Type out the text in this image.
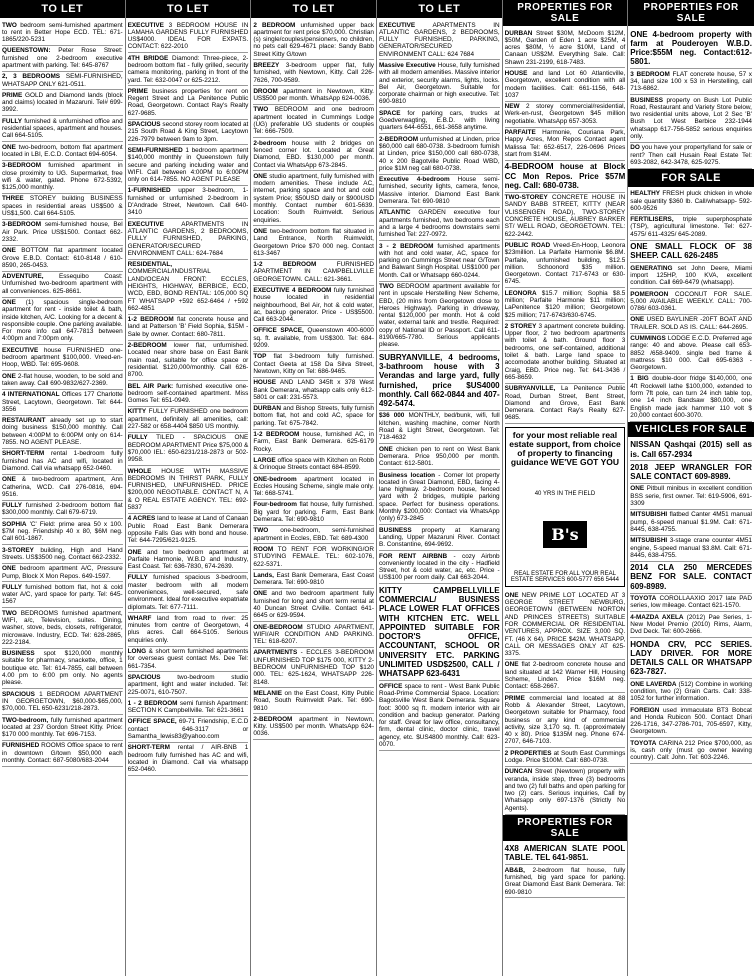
TO LET
TWO bedroom semi-furnished apartment to rent in Better Hope ECD. TEL: 671-1865/220-5231
QUEENSTOWN: Peter Rose Street: furnished one 2-bedroom executive apartment with parking. Tel: 645-8767
2, 3 BEDROOMS SEMI-FURNISHED, WHATSAPP ONLY 621-0511.
PRIME GOLD and Diamond lands (block and claims) located in Mazaruni. Tel# 699-3992.
FULLY furnished & unfurnished office and residential spaces, apartment and houses. Call 664-5105.
ONE two-bedroom, bottom flat apartment located in LBI, E.C.D. Contact 694-6054.
3-BEDROOM furnished apartment in close proximity to UG. Supermarket, free wifi & water, gated. Phone 672-5392, $125,000 monthly.
THREE STOREY building BUSINESS spaces in residential areas US$500 & US$1,500. Call 664-5105.
3-BEDROOM semi-furnished house, Bel Air Park. Price US$1500. Contact 662-2332.
ONE BOTTOM flat apartment located Grove E.B.D. Contact: 610-8148 / 610-8590, 265-0453.
ADVENTURE, Essequibo Coast: Unfurnished two-bedroom apartment with all conveniences. 625-8661.
ONE (1) spacious single-bedroom apartment for rent - inside toilet & bath, inside kitchen, A/C. Looking for a decent & responsible couple. One parking available. For more info call 647-7813 between 4:00pm and 7:00pm only.
EXECUTIVE house FURNISHED one-bedroom apartment $100,000. Vreed-en-Hoop, WBD. Tel: 695-9608.
ONE 2-flat house, wooden, to be sold and taken away. Call 690-9832/627-2369.
4 INTERNATIONAL Offices 177 Charlotte Street, Lacytown, Georgetown. Tel: 644-3556
RESTAURANT already set up to start doing business $150,000 monthly. Call between 4:00PM to 6:00PM only on 614-7855. NO AGENT PLEASE.
SHORT-TERM rental 1-bedroom fully furnished has AC and wifi, located in Diamond. Call via whatsapp 652-0460.
ONE & two-bedroom apartment, Ann Catherina, WCD. Call 276-0816, 694-9516.
FULLY furnished 2-bedroom bottom flat $300,000 monthly. Call 679-6719.
SOPHIA 'C' Field: prime area 50 x 100. $7M neg. Friendship 40 x 80, $6M neg. Call 601-1867.
3-STOREY building, High and Hand Streets. US$3500 neg. Contact 662-2332.
ONE bedroom apartment A/C, Pressure Pump, Block X Mon Repos. 649-1597.
FULLY furnished bottom flat, hot & cold water A/C, yard space for party. Tel: 645-1567
TWO BEDROOMS furnished apartment, WIFI, a/c, Television, suites. Dining, washer, stove, beds, closets, refrigerator, microwave. Industry, ECD. Tel: 628-2865, 222-2184.
BUSINESS spot $120,000 monthly suitable for pharmacy, snackette, office, 1 boutique etc. Tel: 614-7855, call between 4.00 pm to 6:00 pm only. No agents please.
SPACIOUS 1 BEDROOM APARTMENT IN GEORGETOWN, $60,000-$65,000, $70,000. TEL 650-6231/218-2873.
TWO-bedroom, fully furnished apartment located at 237 Gordon Street Kitty. Price: $170 000 monthly. Tel: 696-7153.
FURNISHED ROOMS Office space to rent in downtown G/town $50,000 each monthly. Contact: 687-5080/683-2044
TO LET
EXECUTIVE 3 BEDROOM HOUSE IN LAMAHA GARDENS FULLY FURNISHED US$4000. IDEAL FOR EXPATS. CONTACT: 622-2010
4TH BRIDGE Diamond: Three-piece, 2-bedroom bottom flat - fully grilled, security camera monitoring, parking in front of the yard. Tel: 632-0047 or 625-2212.
PRIME business properties for rent on Regent Street and La Penitence Public Road, Georgetown. Contact Ray's Realty 627-9685.
SPACIOUS second storey room located at 215 South Road & King Street, Lacytown 226-7979 between 9am to 3pm.
SEMI-FURNISHED 1 bedroom apartment $140,000 monthly in Queenstown fully secure and parking including water and WIFI. Call between 4:00PM to 6:00PM only on 614-7855. NO AGENT PLEASE
1-FURNISHED upper 3-bedroom, 1-furnished or unfurnished 2-bedroom in D'Andrade Street, Newtown. Call 640-3410
EXECUTIVE	APARTMENTS IN ATLANTIC GARDENS, 2 BEDROOMS, FULLY FURNISHED, PARKING, GENERATOR/SECURED ENVIRONMENT CALL: 624-7684
RESIDENTIAL, COMMERCIAL/INDUSTRIAL LAND/OCEAN FRONT: ECCLES, HEIGHTS, HIGHWAY, BERBICE, ECD, WCD, EBD, BOND RENTAL: 105,000 SQ FT WHATSAPP +592 652-6464 / +592 662-4851
1-2 BEDROOM flat concrete house and land at Patterson 'B' Field Sophia, $15M - Sale by owner. Contact: 680-7811.
2-BEDROOM lower flat, unfurnished. Located near shore base on East Bank main road, suitable for office space or residential. $120,000/monthly. Call 626-8700.
BEL AIR Park: furnished executive one-bedroom self-contained apartment. Miss Gomes Tel: 651-0949.
KITTY FULLY FURNISHED one bedroom apartment, definitely all amenities, call: 227-582 or 658-4404 $850 US monthly.
FULLY TILED - SPACIOUS ONE BEDROOM APARTMENT Price $75,000 & $70,000 IEL: 650-6231/218-2873 or 502-9958.
WHOLE HOUSE WITH MASSIVE BEDROOMS IN THIRST PARK, FULLY FURNISHED, UNFURNISHED. PRICE $200,000 NEGOTIABLE. CONTACT N, A & O REAL ESTATE AGENCY. TEL: 692-5837
4 ACRES land to lease at Land of Canaan Public Road East Bank Demerara opposite Falls Gas with bond and house. Tel: 644-7295/621-9125.
ONE and two bedroom apartment at Parfaite Harmonie, W.B.D and Industry, East Coast. Tel: 636-7830, 674-2639.
FULLY furnished spacious 3-bedroom, master bedroom with all modern conveniences, well-secured, safe environment. Ideal for executive expatriate diplomats. Tel: 677-7111.
WHARF land from road to river: 25 minutes from centre of Georgetown, 4 plus acres. Call 664-5105. Serious enquiries only.
LONG & short term furnished apartments for overseas guest contact Ms. Dee Tel: 661-7354.
SPACIOUS	two-bedroom studio apartment, light and water included. Tel: 225-0071, 610-7507.
1 - 2 BEDROOM semi furnish Apartment: SECTION K Campbellville. Tel: 621-3661
OFFICE SPACE, 69-71 Friendship, E.C.D contact 646-3117 or Samantha_lewis83@yahoo.com
SHORT-TERM rental / AIR-BNB 1 bedroom fully furnished has AC and wifi, located in Diamond. Call via whatsapp 652-0460.
TO LET
2 BEDROOM unfurnished upper back apartment for rent price $70,000. Christian (s) single/couples/pensioners, no children, no pets call 629-4671 place: Sandy Babb Street Kitty G/town
BREEZY 3-bedroom upper flat, fully furnished, with Newtown, Kitty. Call 226-7626, 700-9589.
DROOM apartment in Newtown, Kitty. US$500 per month. WhatsApp 624-0036.
TWO BEDROOM and one bedroom apartment located in Cummings Lodge (UG) preferable UG students or couples Tel: 666-7509.
2-bedroom house with 2 bridges on fenced corner lot. Located at Great Diamond, EBD. $130,000 per month. Contact via WhatsApp 673-2845.
ONE studio apartment, fully furnished with modern amenities. These include AC, internet, parking space and hot and cold system Price; $50USD daily or $900USD monthly. Contact number 601-5639. Location: South Ruimveldt. Serious enquiries.
ONE two-bedroom bottom flat situated in Land Entrance, North Ruimveldt, Georgetown Price $70 000 neg. Contact 613-3467
1-2 BEDROOM	FURNISHED APARTMENT IN CAMPBELLVILLE GEORGETOWN. CALL: 621-3661.
EXECUTIVE 4 BEDROOM fully furnished house located in residential neighbourhood, Bel Air, hot & cold water, ac, backup generator. Price - US$5500. Call 663-2044.
OFFICE SPACE, Queenstown 400-6000 sq. ft. available, from US$300. Tel: 684-9209.
TOP flat 3-bedroom fully furnished. Contact Geeta at 158 Da Silva Street, Newtown, Kitty on Tel: 686-9465.
HOUSE AND LAND 345ft x 378 West Bank Demerara, whatsapp calls only 612-5801 or call: 231-5573.
DURBAN and Bishop Streets, fully furnish bottom flat, hot and cold AC, space for parking. Tel: 675-7842.
1-2 BEDROOM house, furnished AC, in Farm, East Bank Demerara. 625-6179 Rocky.
LARGE office space with Kitchen on Robb & Orinoque Streets contact 684-8599.
ONE-bedroom apartment located in Eccles Housing Scheme, single male only. Tel: 668-5741.
Four-bedroom flat house, fully furnished. Big yard for parking. Farm, East Bank Demerara. Tel: 690-9810
TWO one-bedroom, semi-furnished apartment in Eccles, EBD. Tel: 689-4300
ROOM TO RENT FOR WORKING/OR STUDYING FEMALE. TEL: 602-1076, 622-5371.
Lands, East Bank Demerara, East Coast Demerara. Tel: 690-9810
ONE and two bedroom apartment fully furnished for long and short term rental at 40 Duncan Street C/ville. Contact 641-6645 or 629-9594.
ONE-BEDROOM STUDIO APARTMENT, WIFI/AIR CONDITION AND PARKING. TEL: 618-6207.
APARTMENTS - ECCLES 3-BEDROOM UNFURNISHED TOP $175 000, KITTY 2-BEDROOM UNFURNISHED TOP $120 000. TEL: 625-1624, WHATSAPP 226-8148.
MELANIE on the East Coast, Kitty Public Road, South Ruimveldt Park. Tel: 690-9810
2-BEDROOM apartment in Newtown, Kitty. US$500 per month. WhatsApp 624-0036.
TO LET
EXECUTIVE	APARTMENTS IN ATLANTIC GARDENS, 2 BEDROOMS, FULLY FURNISHED, PARKING, GENERATOR/SECURED ENVIRONMENT CALL: 624 7684
Massive Executive House, fully furnished with all modern amenities. Massive interior and exterior, security alarms, lights, locks. Bel Air, Georgetown. Suitable for corporate chairman or high executive. Tel: 690-9810
SPACE for parking cars, trucks at Goedverwagting, E.B.D. with living quarters 644-6551, 661-3658 anytime.
2-BEDROOM unfurnished at Linden, price $60,000 call 680-0738. 3-bedroom furnish at Linden, price $150,000 call 680-0738, 40 x 200 Bagotville Public Road WBD, price $1M neg call 680-0738.
Executive 4-bedroom House semi-furnished, security lights, camera, fence, Massive interior. Diamond East Bank Demerara. Tel: 690-9810
ATLANTIC GARDEN executive four apartments furnished, two bedrooms each and a large 4 bedrooms downstairs semi furnished Tel: 227-0972.
3 - 2 BEDROOM furnished apartments with hot and cold water, AC, space for parking on Cummings Street near G/Town and Balwant Singh Hospital. US$1000 per Month. Call or Whatsapp 660-0244.
TWO BEDROOM apartment available for rent in upscale Herstelling New Scheme, EBD, (20 mins from Georgetown close to Heroes Highway). Parking in driveway, rental $120,000 per month. Hot & cold water, external tank and trestle. Required: copy of National ID or Passport. Call 611-8190/665-7780. Serious applicants please.
SUBRYANVILLE, 4 bedrooms, 3-bathroom house with 3 Verandas and large yard, fully furnished, price $US4000 monthly. Call 662-0844 and 407-492-5474.
$36 000 MONTHLY, bed/bunk, wifi, full kitchen, washing machine, corner North Road & Light Street, Georgetown. Tel: 718-4632
ONE chicken pen to rent on West Bank Demerara. Price 950,000 per month. Contact: 612-5801.
Business location - Corner lot property located in Great Diamond, EBD, facing 4-lane highway. 2-bedroom house, fenced yard with 2 bridges, multiple parking space. Perfect for business operations. Monthly $200,000: Contact via WhatsApp (only) 673-2845
BUSINESS property at Kamarang Landing, Upper Mazaruni River. Contact B. Constantine, 694-9692.
FOR RENT AIRBNB - cozy Airbnb conveniently located in the city - Hadfield Street, hot & cold water, ac, etc. Price - US$100 per room daily. Call 663-2044.
KITTY CAMPBELLVILLE COMMERCIAL/ BUSINESS PLACE LOWER FLAT OFFICES WITH KITCHEN ETC. WELL APPOINTED SUITABLE FOR DOCTOR'S OFFICE, ACCOUNTANT, SCHOOL OR UNIVERSITY ETC. PARKING UNLIMITED USD$2500, CALL / WHATSAPP 623-6431
OFFICE space to rent - West Bank Public Road-Prime Commercial Space. Location: Bagotsville West Bank Demerara. Square foot: 3000 sq ft. modern interior with air condition and backup generator. Parking for staff. Great for law office, consultancy, firm, dental clinic, doctor clinic, travel agency, etc. $US4800 monthly. Call: 623-0070.
PROPERTIES FOR SALE
DURBAN Street $30M, McDoom $12M, $50M, Garden of Eden 1 acre $25M, 4 acres $80M, ½ acre $10M, Land of Canaan US$2M. Everything Sale. Call: Shawn 231-2199, 618-7483.
HOUSE and land Lot 60 Atlanticville, Georgetown, excellent condition with all modern facilities. Call: 661-1156, 648-1037
NEW 2 storey commercial/residential, Werk-en-rust, Georgetown $45 million negotiable. WhatsApp 657-3053.
PARFAITE Harmonie, Couriana Park, Happy Acres, Mon Repos Contact agent Malissa Tel: 652-6517, 226-0696 Prices start from $14M.
4-BEDROOM house at Block CC Mon Repos. Price $57M neg. Call: 680-0738.
TWO-STOREY CONCRETE HOUSE IN SANDY BABB STREET, KITTY (NEAR VLISSENGEN ROAD), TWO-STOREY CONCRETE HOUSE, AUBREY BARKER ST/ WELL ROAD, GEORGETOWN. TEL: 622-2442.
PUBLIC ROAD Vreed-En-Hoop, Leonora $23million. La Parfaite Harmonie $6.8M. Parfaite, unfurnished building, $12.5 million. Schoonord $35 million. Georgetown. Contact 717-6743 or 630-6745.
LEONORA $15.7 million; Sophia $8.5 million; Parfaite Harmonie $11 million; LaPenitence $120 million; Georgetown $25 million; 717-6743/630-6745.
2 STOREY 3 apartment concrete building. Upper floor, 2 two bedroom apartments with toilet & bath. Ground floor 3 bedrooms, one self-contained, additional toilet & bath. Large land space to accomodate another building. Situated at Craig, EBD. Price neg. Tel: 641-3436 / 665-8659.
SUBRYANVILLE, La Penitence Public Road, Durban Street, Bent Street, Diamond and Grove, East Bank Demerara. Contact Ray's Realty 627-9685.
for your most reliable real estate support, from choice of property to financing guidance WE'VE GOT YOU
40 YRS IN THE FIELD
B's
REAL ESTATE FOR ALL YOUR REAL ESTATE SERVICES 600-5777 656 5444
ONE NEW PRIME LOT LOCATED AT 3 GEORGE STREET NEWBURG, GEORGETOWN (BETWEEN NORTON AND PRINCES STREETS) SUITABLE FOR COMMERCIAL OR RESIDENTIAL VENTURES, APPROX. SIZE 3,000 SQ. FT. (46 X 64). PRICE $42M. WHATSAPP, CALL OR MESSAGES ONLY AT 625-3375.
ONE flat 2-bedroom concrete house and land situated at 142 Warner Hill, Housing Scheme, Linden. Price $16M neg. Contact: 658-2667.
PRIME commercial land located at 88 Robb & Alexander Street, Lacytown, Georgetown suitable for Pharmacy, food business or any kind of commercial activity, size 3,170 sq. ft. (approximately 40 x 80). Price $135M neg. Phone 674-2707, 646-7103.
2 PROPERTIES at South East Cummings Lodge. Price $100M. Call: 680-0738.
DUNCAN Street (Newtown) property with veranda, inside step, three (3) bedrooms and two (2) full baths and open parking for two (2) cars. Serious inquiries, Call by Whatsapp only 697-1376 (Strictly No Agents).
PROPERTIES FOR SALE
4X8 AMERICAN SLATE POOL TABLE. TEL 641-9851.
AB&B, 2-bedroom flat house, fully furnished, big yard space for parking. Great Diamond East Bank Demerara. Tel: 690-9810
PROPERTIES FOR SALE
ONE 4-bedroom property with farm at Pouderoyen W.B.D. Price:$55M neg. Contact:612-5801.
3 BEDROOM FLAT concrete house, 57 x 34, land size 100 x 53 in Herstelling, call 713-6862.
BUSINESS property on Bush Lot Public Road, Restaurant and Variety Store below, two residential units above, Lot 2 Sec 'B' Bush Lot West Berbice 232-1944 whatsapp 617-756-5852 serious enquiries only.
DO you have your property/land for sale or rent? Then call Husain Real Estate Tel: 693-2082, 642-3478, 625-9275.
FOR SALE
HEALTHY FRESH pluck chicken in whole sale quantity $360 lb. Call/whatsapp- 592-600-9526
FERTILISERS, triple superphosphate (TSP), agricultural limestone. Tel: 627-4575/ 611-4325/ 645-2089.
ONE SMALL FLOCK OF 38 SHEEP. CALL 626-2485
GENERATING set John Deere, Miami import 125HP, 100 KVA, excellent condition. Call 669-6479 (whatsapp).
POMEROON COCONUT FOR SALE. 5,000 AVAILABLE WEEKLY. CALL: 700-0786/ 603-0361.
ONE USED BAYLINER -20FT BOAT AND TRAILER. SOLD AS IS. CALL: 644-2695.
CUMMINGS LODGE E.C.D. Preferred age range: 40 and above. Please call 653-8852 /658-9409. single bed frame & mattress $10 000. Call 695-6363 - Georgetown.
1 BIG double-door fridge $140,000, one 4ft Rockwell lathe $100,000, extended to form 7ft pole, can turn 24 inch table top, one 14 inch Bandsaw $80,000, one English made jack hammer 110 volt $ 20,000 contact 600-3070.
VEHICLES FOR SALE
NISSAN Qashqai (2015) sell as is. Call 657-2934
2018 JEEP WRANGLER FOR SALE CONTACT 609-8989.
ONE Pitbull minibus in excellent condition BSS serie, first owner. Tel: 619-5906, 691-3309
MITSUBISHI flatbed Canter 4M51 manual pump, 6-speed manual $1.9M. Call: 671-8445, 638-4755.
MITSUBISHI 3-stage crane counter 4M51 engine, 5-speed manual $3.8M. Call: 671-8445, 638-4755.
2014 CLA 250 MERCEDES BENZ FOR SALE. CONTACT 609-8989.
TOYOTA COROLLAAXIO 2017 late PAD series, low mileage. Contact 621-1570.
4-MAZDA AXELA (2012) Pae Series, 1- New Model Premio (2010) Rims, Alarm, Dvd Deck. Tel: 600-2666.
HONDA CRV, PCC SERIES. LADY DRIVER. FOR MORE DETAILS CALL OR WHATSAPP 623-7827.
ONE LAVERDA (512) Combine in working condition, two (2) Grain Carts. Call: 338-1052 for further information.
FOREIGN used immaculate BT3 Bobcat and Honda Rubicon 500. Contact Dhari 226-1716, 347-2786-701, 705-6597, Kitty, Georgetown.
TOYOTA CARINA 212 Price $700,000, as is, cash only (must go owner leaving country). Call: John. Tel: 603-2246.
